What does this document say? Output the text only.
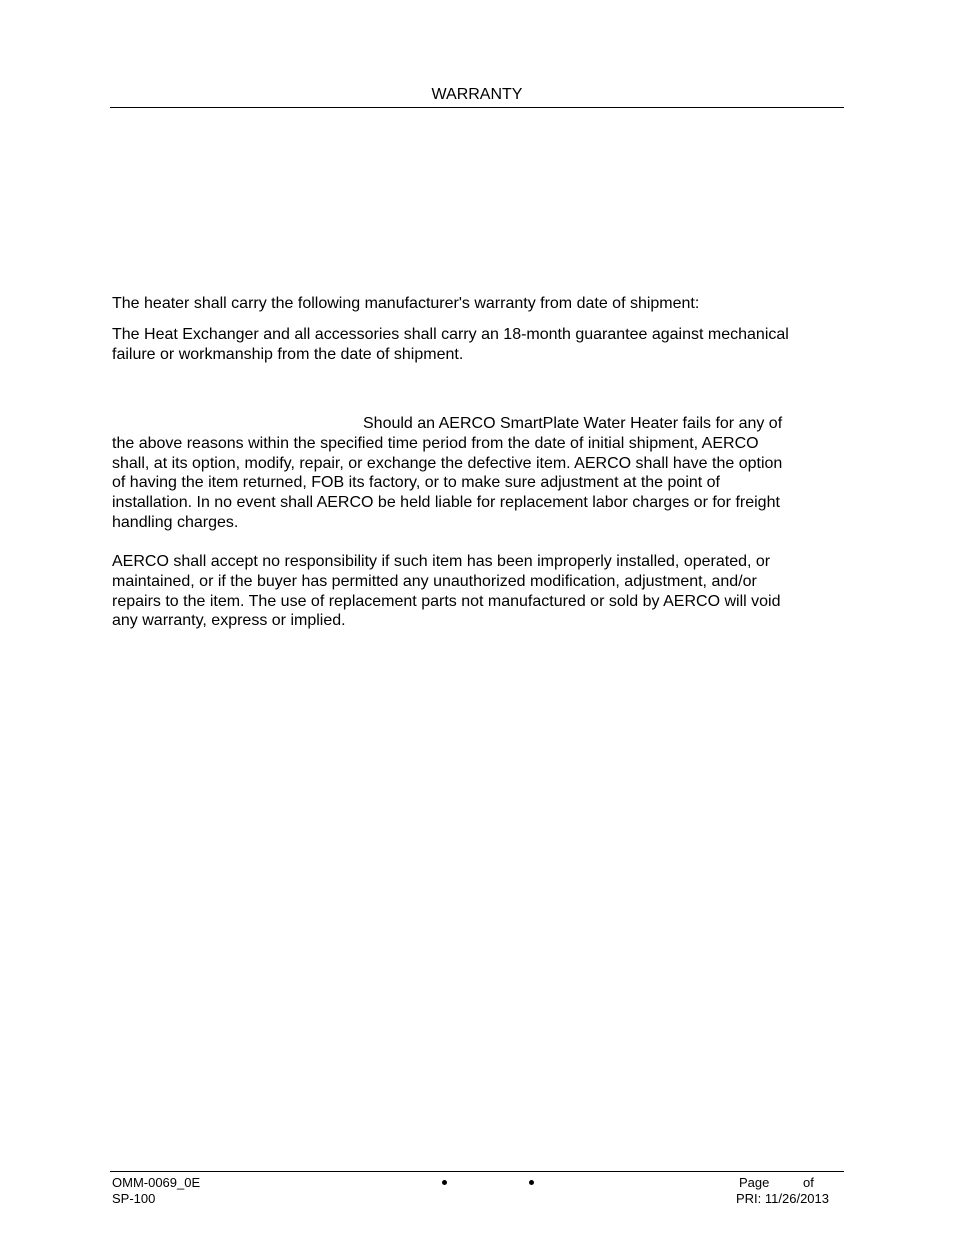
WARRANTY

The heater shall carry the following manufacturer's warranty from date of shipment:

The Heat Exchanger and all accessories shall carry an 18-month guarantee against mechanical
failure or workmanship from the date of shipment.

Should an AERCO SmartPlate Water Heater fails for any of
the above reasons within the specified time period from the date of initial shipment, AERCO
shall, at its option, modify, repair, or exchange the defective item. AERCO shall have the option
of having the item returned, FOB its factory, or to make sure adjustment at the point of
installation. In no event shall AERCO be held liable for replacement labor charges or for freight
handling charges.

AERCO shall accept no responsibility if such item has been improperly installed, operated, or
maintained, or if the buyer has permitted any unauthorized modification, adjustment, and/or
repairs to the item. The use of replacement parts not manufactured or sold by AERCO will void
any warranty, express or implied.

OMM-0069_0E
SP-100
Page	of
PRI: 11/26/2013
